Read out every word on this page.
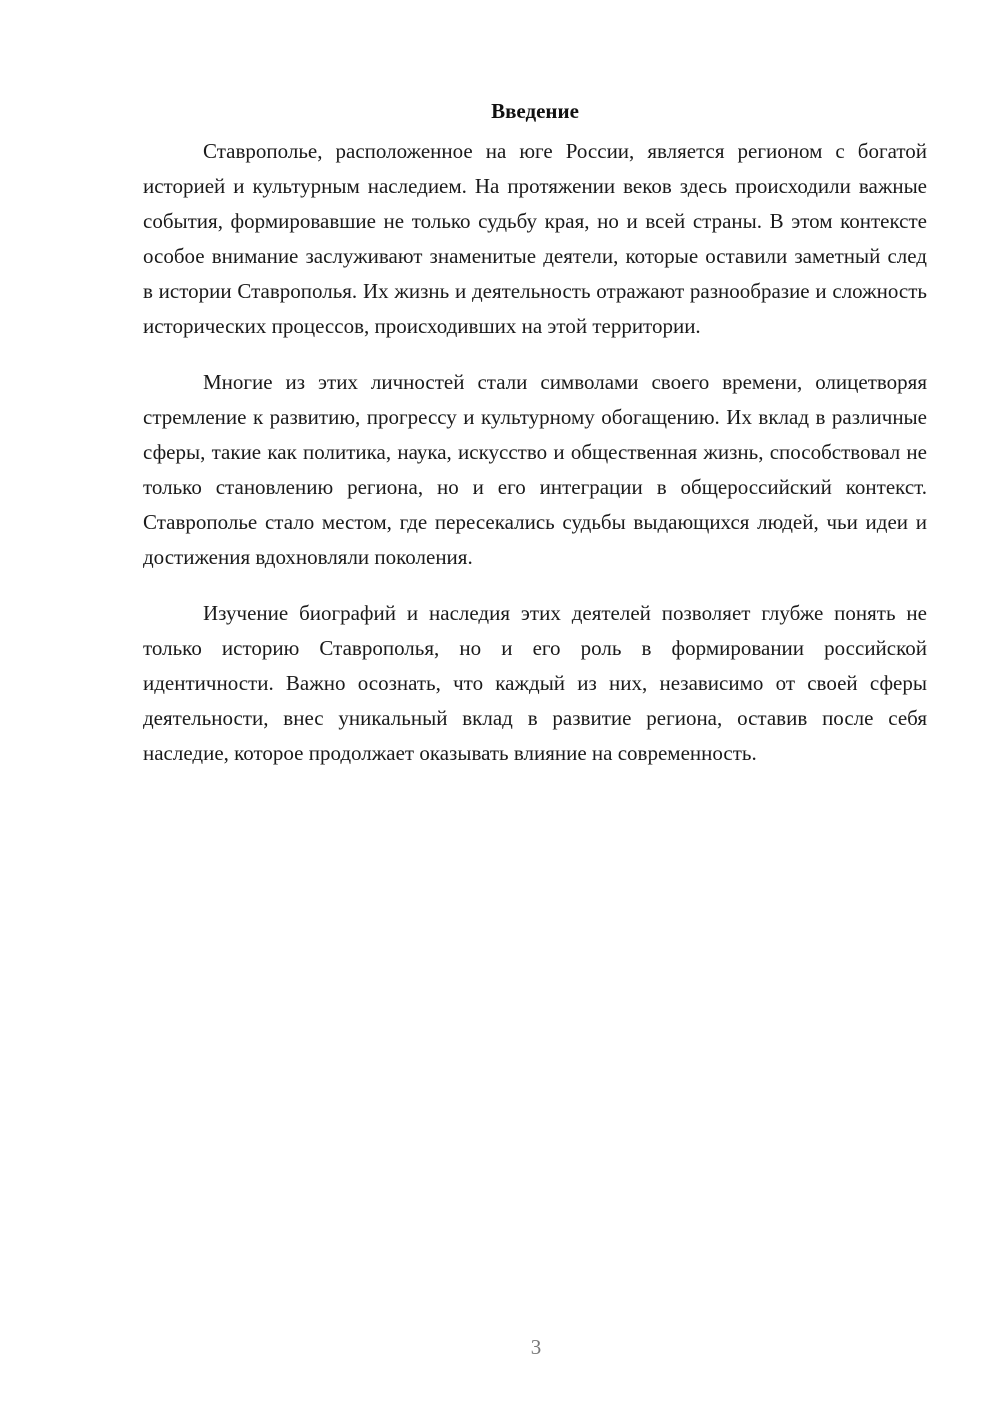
Введение

Ставрополье, расположенное на юге России, является регионом с богатой историей и культурным наследием. На протяжении веков здесь происходили важные события, формировавшие не только судьбу края, но и всей страны. В этом контексте особое внимание заслуживают знаменитые деятели, которые оставили заметный след в истории Ставрополья. Их жизнь и деятельность отражают разнообразие и сложность исторических процессов, происходивших на этой территории.

Многие из этих личностей стали символами своего времени, олицетворяя стремление к развитию, прогрессу и культурному обогащению. Их вклад в различные сферы, такие как политика, наука, искусство и общественная жизнь, способствовал не только становлению региона, но и его интеграции в общероссийский контекст. Ставрополье стало местом, где пересекались судьбы выдающихся людей, чьи идеи и достижения вдохновляли поколения.

Изучение биографий и наследия этих деятелей позволяет глубже понять не только историю Ставрополья, но и его роль в формировании российской идентичности. Важно осознать, что каждый из них, независимо от своей сферы деятельности, внес уникальный вклад в развитие региона, оставив после себя наследие, которое продолжает оказывать влияние на современность.

3
